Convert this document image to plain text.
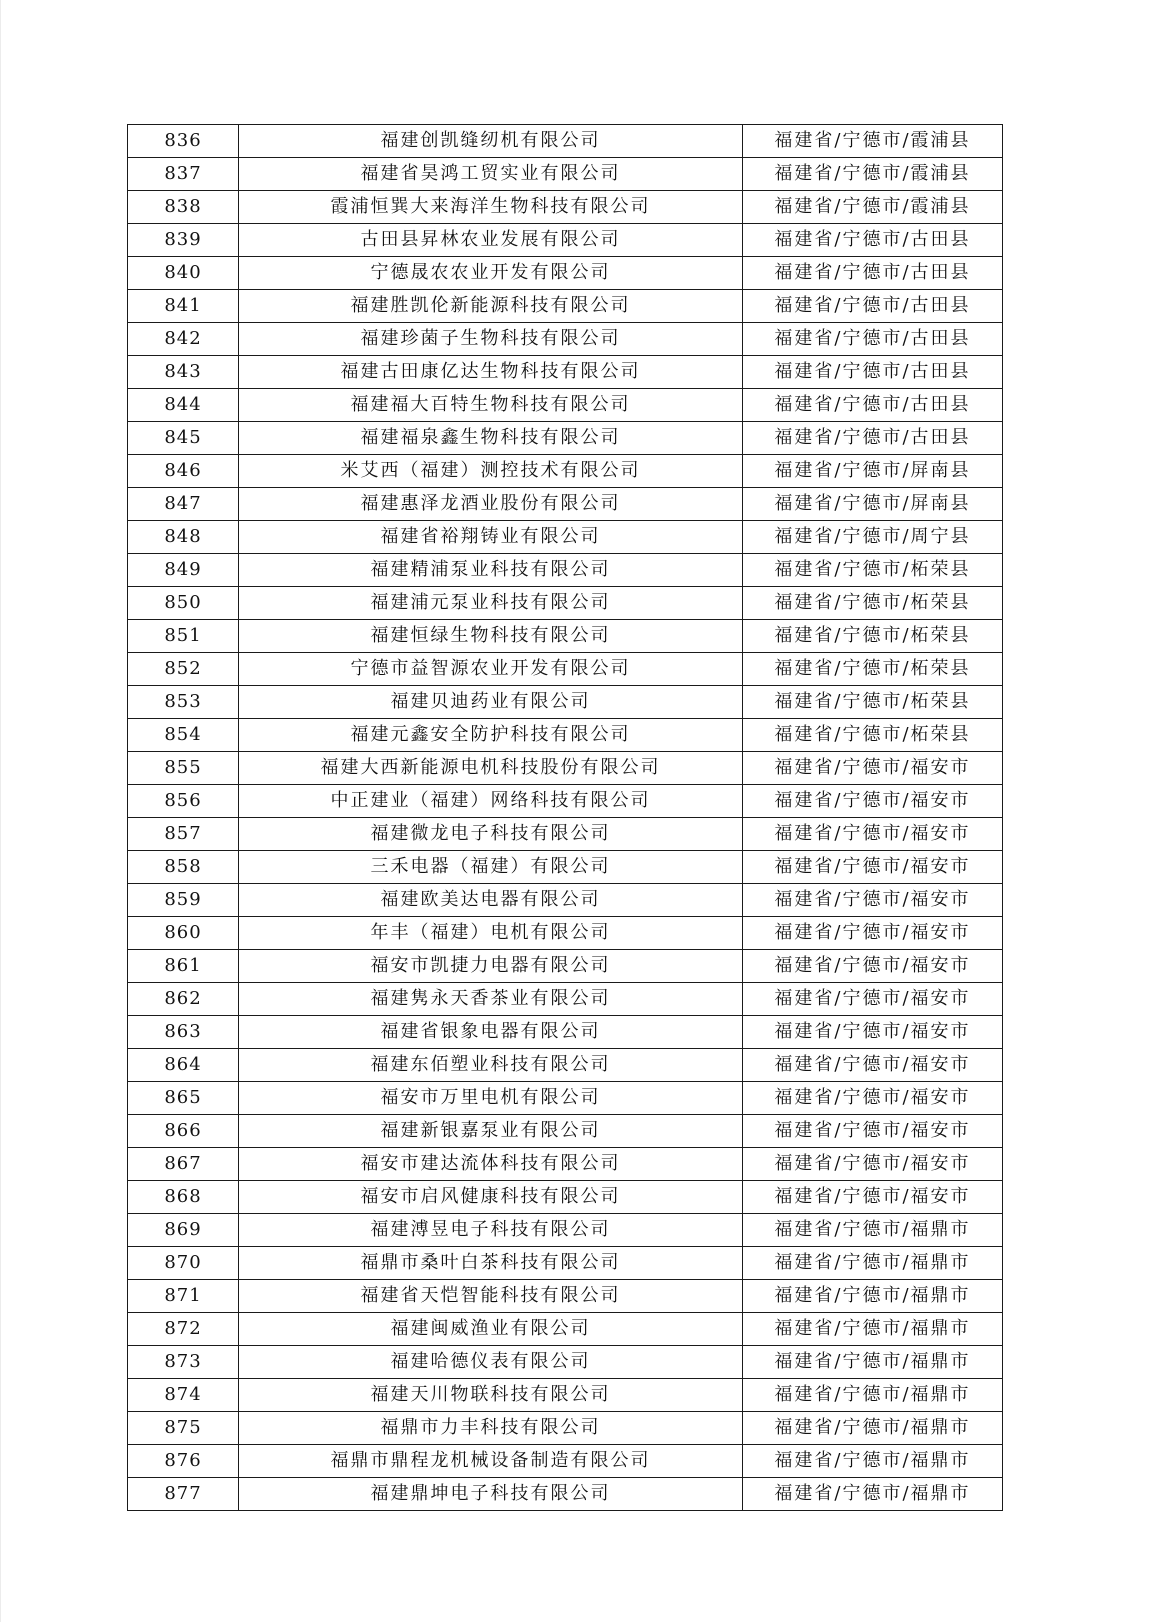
836	福建创凯缝纫机有限公司	福建省/宁德市/霞浦县
837	福建省昊鸿工贸实业有限公司	福建省/宁德市/霞浦县
838	霞浦恒巽大来海洋生物科技有限公司	福建省/宁德市/霞浦县
839	古田县昇林农业发展有限公司	福建省/宁德市/古田县
840	宁德晟农农业开发有限公司	福建省/宁德市/古田县
841	福建胜凯伦新能源科技有限公司	福建省/宁德市/古田县
842	福建珍菌子生物科技有限公司	福建省/宁德市/古田县
843	福建古田康亿达生物科技有限公司	福建省/宁德市/古田县
844	福建福大百特生物科技有限公司	福建省/宁德市/古田县
845	福建福泉鑫生物科技有限公司	福建省/宁德市/古田县
846	米艾西（福建）测控技术有限公司	福建省/宁德市/屏南县
847	福建惠泽龙酒业股份有限公司	福建省/宁德市/屏南县
848	福建省裕翔铸业有限公司	福建省/宁德市/周宁县
849	福建精浦泵业科技有限公司	福建省/宁德市/柘荣县
850	福建浦元泵业科技有限公司	福建省/宁德市/柘荣县
851	福建恒绿生物科技有限公司	福建省/宁德市/柘荣县
852	宁德市益智源农业开发有限公司	福建省/宁德市/柘荣县
853	福建贝迪药业有限公司	福建省/宁德市/柘荣县
854	福建元鑫安全防护科技有限公司	福建省/宁德市/柘荣县
855	福建大西新能源电机科技股份有限公司	福建省/宁德市/福安市
856	中正建业（福建）网络科技有限公司	福建省/宁德市/福安市
857	福建微龙电子科技有限公司	福建省/宁德市/福安市
858	三禾电器（福建）有限公司	福建省/宁德市/福安市
859	福建欧美达电器有限公司	福建省/宁德市/福安市
860	年丰（福建）电机有限公司	福建省/宁德市/福安市
861	福安市凯捷力电器有限公司	福建省/宁德市/福安市
862	福建隽永天香茶业有限公司	福建省/宁德市/福安市
863	福建省银象电器有限公司	福建省/宁德市/福安市
864	福建东佰塑业科技有限公司	福建省/宁德市/福安市
865	福安市万里电机有限公司	福建省/宁德市/福安市
866	福建新银嘉泵业有限公司	福建省/宁德市/福安市
867	福安市建达流体科技有限公司	福建省/宁德市/福安市
868	福安市启风健康科技有限公司	福建省/宁德市/福安市
869	福建溥昱电子科技有限公司	福建省/宁德市/福鼎市
870	福鼎市桑叶白茶科技有限公司	福建省/宁德市/福鼎市
871	福建省天恺智能科技有限公司	福建省/宁德市/福鼎市
872	福建闽威渔业有限公司	福建省/宁德市/福鼎市
873	福建哈德仪表有限公司	福建省/宁德市/福鼎市
874	福建天川物联科技有限公司	福建省/宁德市/福鼎市
875	福鼎市力丰科技有限公司	福建省/宁德市/福鼎市
876	福鼎市鼎程龙机械设备制造有限公司	福建省/宁德市/福鼎市
877	福建鼎坤电子科技有限公司	福建省/宁德市/福鼎市
